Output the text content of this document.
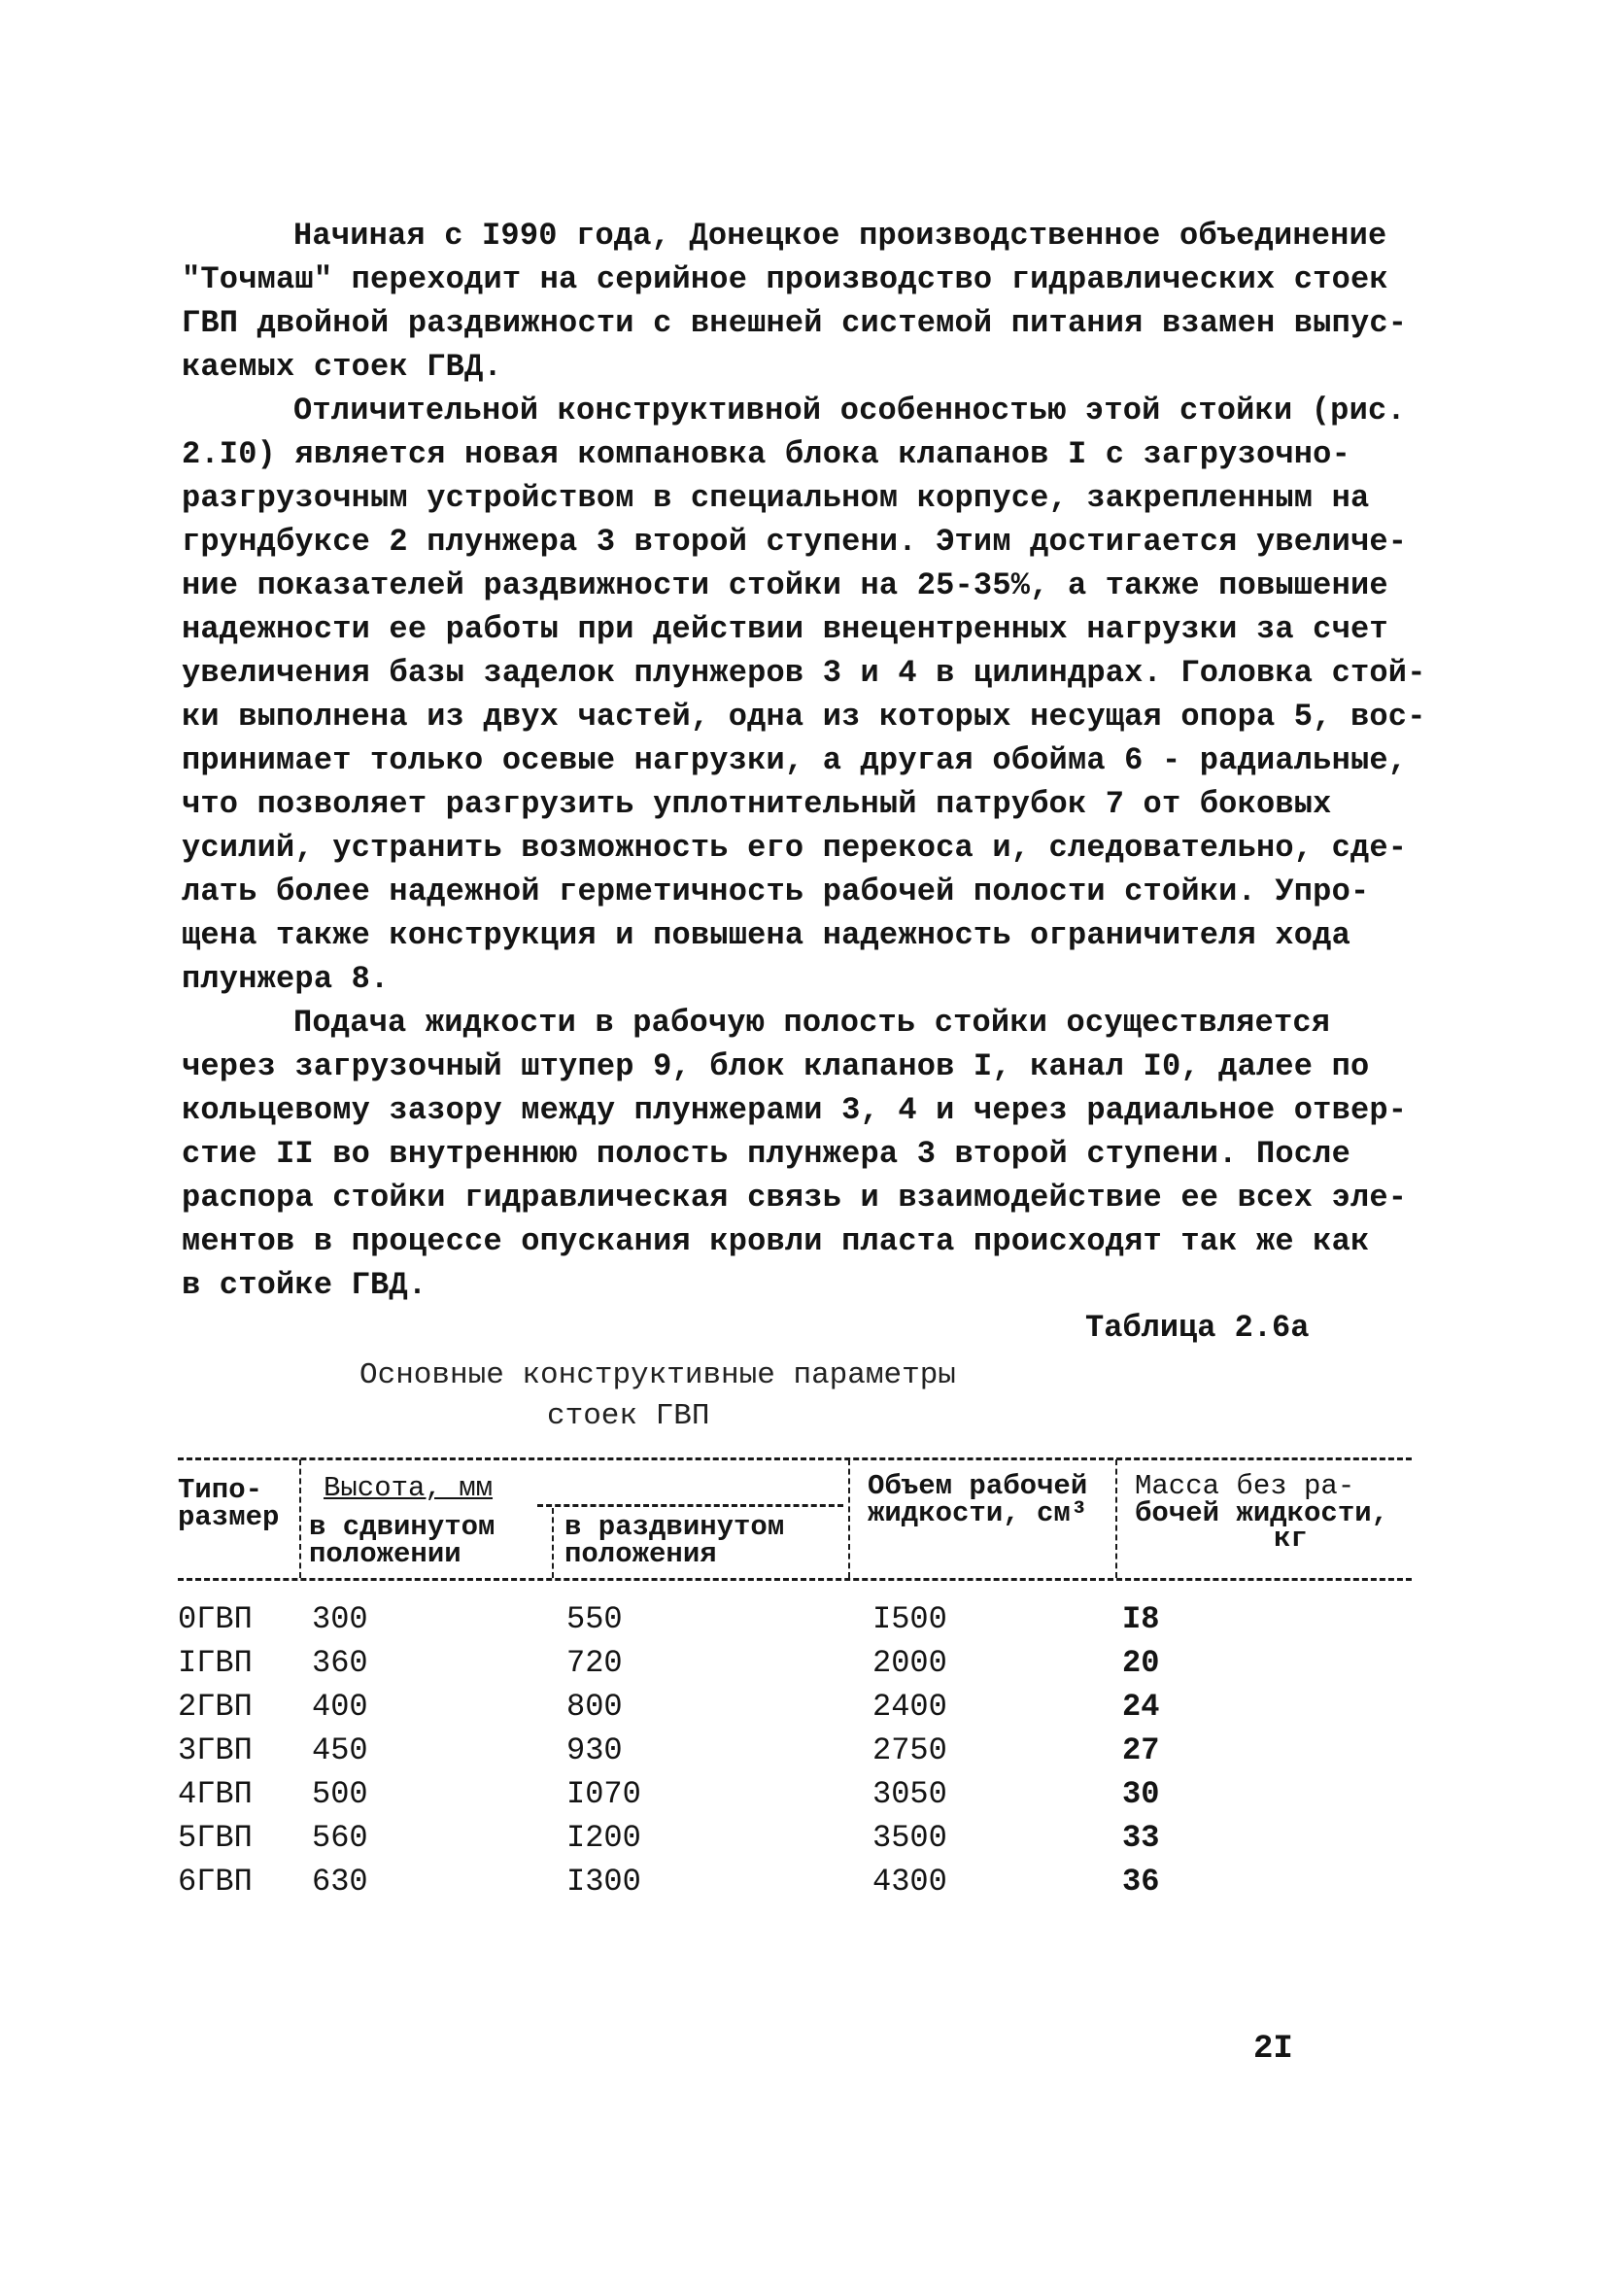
Начиная с I990 года, Донецкое производственное объединение
"Точмаш" переходит на серийное производство гидравлических стоек
ГВП двойной раздвижности с внешней системой питания взамен выпус-
каемых стоек ГВД.
Отличительной конструктивной особенностью этой стойки (рис.
2.I0) является новая компановка блока клапанов I с загрузочно-
разгрузочным устройством в специальном корпусе, закрепленным на
грундбуксе 2 плунжера 3 второй ступени. Этим достигается увеличе-
ние показателей раздвижности стойки на 25-35%, а также повышение
надежности ее работы при действии внецентренных нагрузки за счет
увеличения базы заделок плунжеров 3 и 4 в цилиндрах. Головка стой-
ки выполнена из двух частей, одна из которых несущая опора 5, вос-
принимает только осевые нагрузки, а другая обойма 6 - радиальные,
что позволяет разгрузить уплотнительный патрубок 7 от боковых
усилий, устранить возможность его перекоса и, следовательно, сде-
лать более надежной герметичность рабочей полости стойки. Упро-
щена также конструкция и повышена надежность ограничителя хода
плунжера 8.
Подача жидкости в рабочую полость стойки осуществляется
через загрузочный штупер 9, блок клапанов I, канал I0, далее по
кольцевому зазору между плунжерами 3, 4 и через радиальное отвер-
стие II во внутреннюю полость плунжера 3 второй ступени. После
распора стойки гидравлическая связь и взаимодействие ее всех эле-
ментов в процессе опускания кровли пласта происходят так же как
в стойке ГВД.
Таблица 2.6а
Основные конструктивные параметры
стоек ГВП
Типо-
размер
Высота, мм
в сдвинутом
положении
в раздвинутом
положения
Объем рабочей
жидкости, см³
Масса без ра-
бочей жидкости,
кг
0ГВП 300	550	I500	I8
IГВП 360	720	2000	20
2ГВП 400	800	2400	24
3ГВП 450	930	2750	27
4ГВП 500	I070	3050	30
5ГВП 560	I200	3500	33
6ГВП 630	I300	4300	36
2I
